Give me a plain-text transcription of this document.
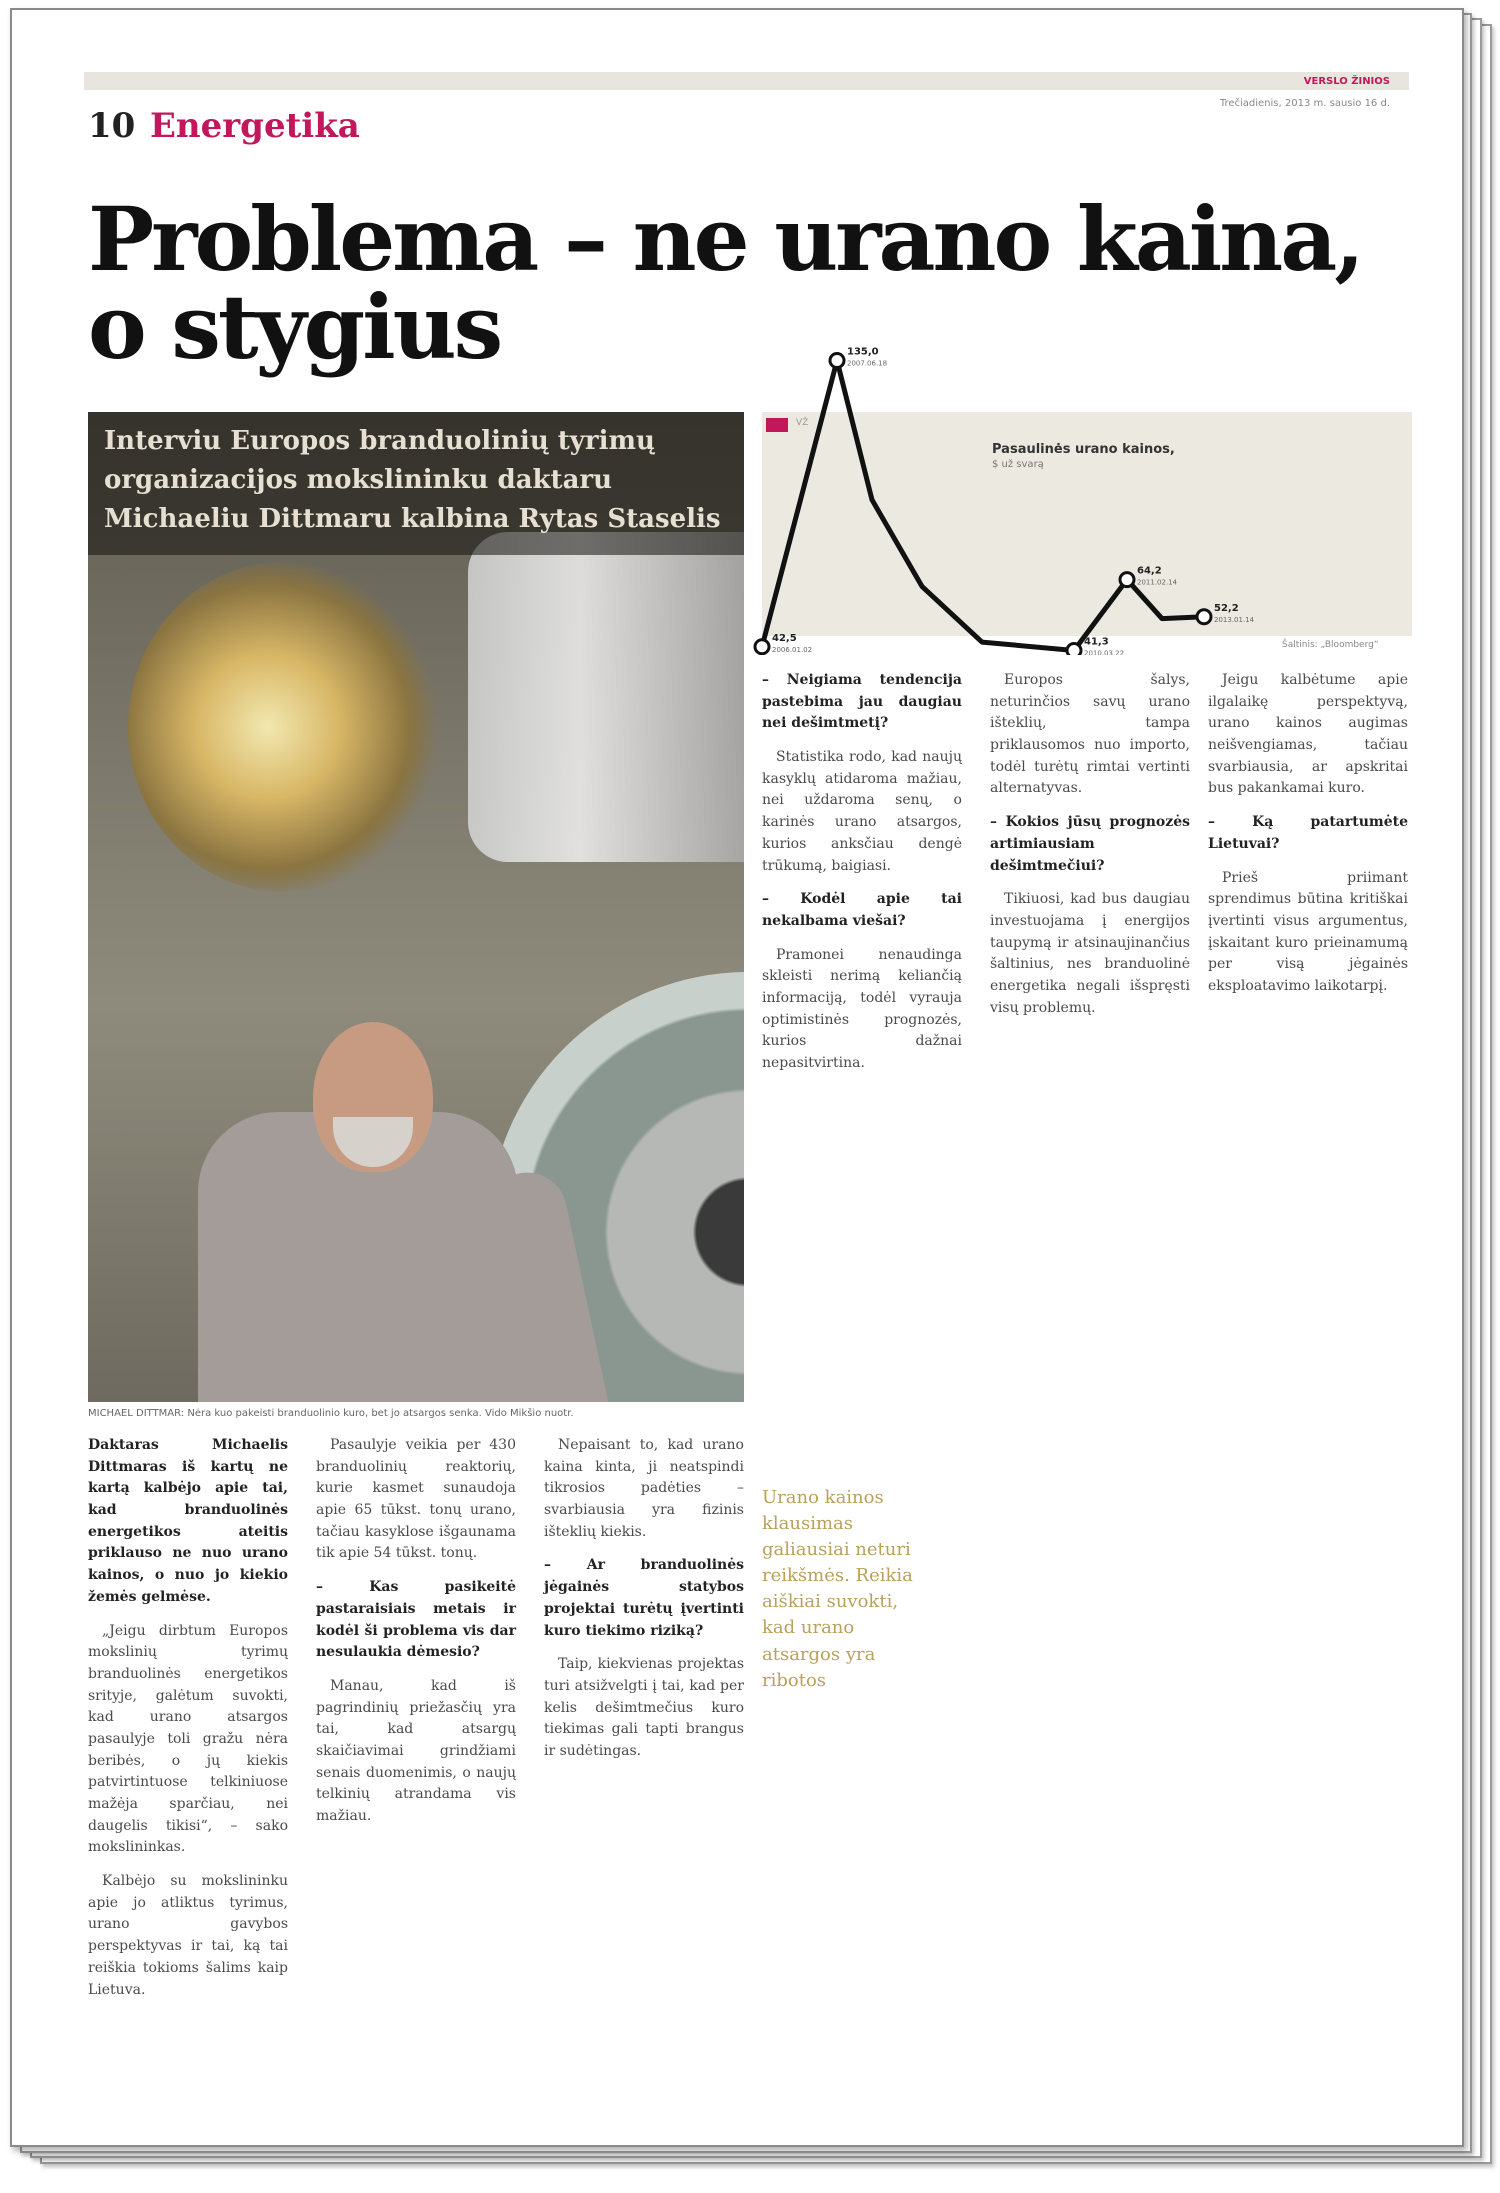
VERSLO ŽINIOS
Trečiadienis, 2013 m. sausio 16 d.
10 Energetika
Problema – ne urano kaina, o stygius

Interviu Europos branduolinių tyrimų organizacijos mokslininku daktaru Michaeliu Dittmaru kalbina Rytas Staselis

MICHAEL DITTMAR: Nėra kuo pakeisti branduolinio kuro, bet jo atsargos senka. Vido Mikšio nuotr.
VŽ
Šaltinis: „Bloomberg“
Pasaulinės urano kainos,
$ už svarą
42,5
2006.01.02
135,0
2007.06.18
41,3
2010.03.22
64,2
2011.02.14
52,2
2013.01.14
Urano kainos klausimas galiausiai neturi reikšmės. Reikia aiškiai suvokti, kad urano atsargos yra ribotos

Daktaras Michaelis Dittmaras iš kartų ne kartą kalbėjo apie tai, kad branduolinės energetikos ateitis priklauso ne nuo urano kainos, o nuo jo kiekio žemės gelmėse.

„Jeigu dirbtum Europos mokslinių tyrimų branduolinės energetikos srityje, galėtum suvokti, kad urano atsargos pasaulyje toli gražu nėra beribės, o jų kiekis patvirtintuose telkiniuose mažėja sparčiau, nei daugelis tikisi“, – sako mokslininkas.

Kalbėjo su mokslininku apie jo atliktus tyrimus, urano gavybos perspektyvas ir tai, ką tai reiškia tokioms šalims kaip Lietuva.

Pasaulyje veikia per 430 branduolinių reaktorių, kurie kasmet sunaudoja apie 65 tūkst. tonų urano, tačiau kasyklose išgaunama tik apie 54 tūkst. tonų.

– Kas pasikeitė pastaraisiais metais ir kodėl ši problema vis dar nesulaukia dėmesio?

Manau, kad iš pagrindinių priežasčių yra tai, kad atsargų skaičiavimai grindžiami senais duomenimis, o naujų telkinių atrandama vis mažiau.

Nepaisant to, kad urano kaina kinta, ji neatspindi tikrosios padėties – svarbiausia yra fizinis išteklių kiekis.

– Ar branduolinės jėgainės statybos projektai turėtų įvertinti kuro tiekimo riziką?

Taip, kiekvienas projektas turi atsižvelgti į tai, kad per kelis dešimtmečius kuro tiekimas gali tapti brangus ir sudėtingas.

– Neigiama tendencija pastebima jau daugiau nei dešimtmetį?

Statistika rodo, kad naujų kasyklų atidaroma mažiau, nei uždaroma senų, o karinės urano atsargos, kurios anksčiau dengė trūkumą, baigiasi.

– Kodėl apie tai nekalbama viešai?

Pramonei nenaudinga skleisti nerimą keliančią informaciją, todėl vyrauja optimistinės prognozės, kurios dažnai nepasitvirtina.

Europos šalys, neturinčios savų urano išteklių, tampa priklausomos nuo importo, todėl turėtų rimtai vertinti alternatyvas.

– Kokios jūsų prognozės artimiausiam dešimtmečiui?

Tikiuosi, kad bus daugiau investuojama į energijos taupymą ir atsinaujinančius šaltinius, nes branduolinė energetika negali išspręsti visų problemų.

Jeigu kalbėtume apie ilgalaikę perspektyvą, urano kainos augimas neišvengiamas, tačiau svarbiausia, ar apskritai bus pakankamai kuro.

– Ką patartumėte Lietuvai?

Prieš priimant sprendimus būtina kritiškai įvertinti visus argumentus, įskaitant kuro prieinamumą per visą jėgainės eksploatavimo laikotarpį.
